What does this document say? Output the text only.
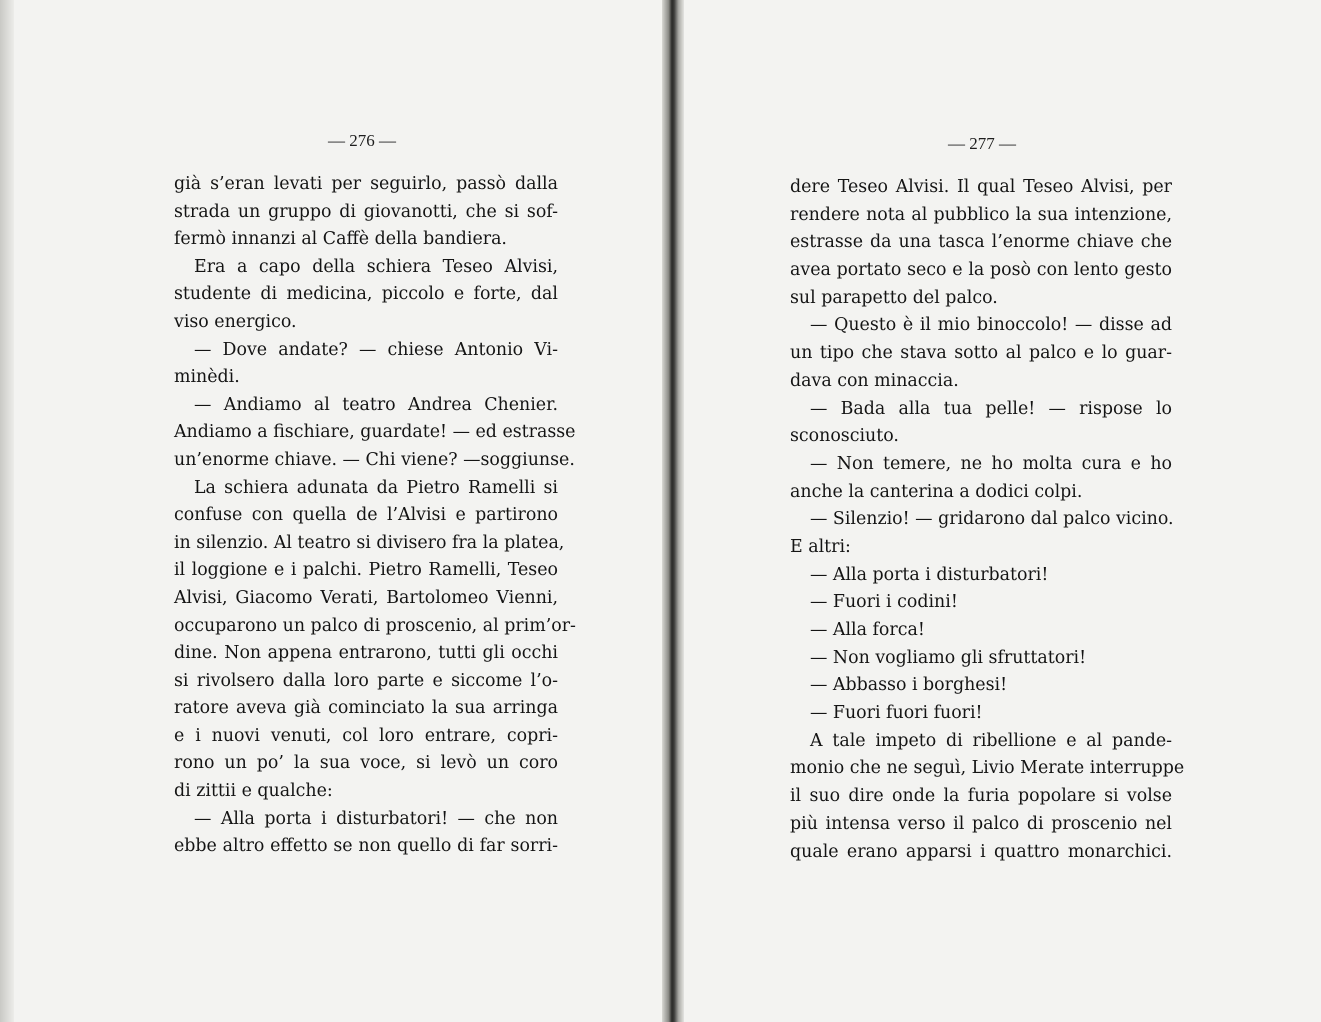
— 276 —
già s’eran levati per seguirlo, passò dalla
strada un gruppo di giovanotti, che si sof-
fermò innanzi al Caffè della bandiera.
Era a capo della schiera Teseo Alvisi,
studente di medicina, piccolo e forte, dal
viso energico.
— Dove andate? — chiese Antonio Vi-
minèdi.
— Andiamo al teatro Andrea Chenier.
Andiamo a fischiare, guardate! — ed estrasse
un’enorme chiave. — Chi viene? —soggiunse.
La schiera adunata da Pietro Ramelli si
confuse con quella de l’Alvisi e partirono
in silenzio. Al teatro si divisero fra la platea,
il loggione e i palchi. Pietro Ramelli, Teseo
Alvisi, Giacomo Verati, Bartolomeo Vienni,
occuparono un palco di proscenio, al prim’or-
dine. Non appena entrarono, tutti gli occhi
si rivolsero dalla loro parte e siccome l’o-
ratore aveva già cominciato la sua arringa
e i nuovi venuti, col loro entrare, copri-
rono un po’ la sua voce, si levò un coro
di zittii e qualche:
— Alla porta i disturbatori! — che non
ebbe altro effetto se non quello di far sorri-
— 277 —
dere Teseo Alvisi. Il qual Teseo Alvisi, per
rendere nota al pubblico la sua intenzione,
estrasse da una tasca l’enorme chiave che
avea portato seco e la posò con lento gesto
sul parapetto del palco.
— Questo è il mio binoccolo! — disse ad
un tipo che stava sotto al palco e lo guar-
dava con minaccia.
— Bada alla tua pelle! — rispose lo
sconosciuto.
— Non temere, ne ho molta cura e ho
anche la canterina a dodici colpi.
— Silenzio! — gridarono dal palco vicino.
E altri:
— Alla porta i disturbatori!
— Fuori i codini!
— Alla forca!
— Non vogliamo gli sfruttatori!
— Abbasso i borghesi!
— Fuori fuori fuori!
A tale impeto di ribellione e al pande-
monio che ne seguì, Livio Merate interruppe
il suo dire onde la furia popolare si volse
più intensa verso il palco di proscenio nel
quale erano apparsi i quattro monarchici.
